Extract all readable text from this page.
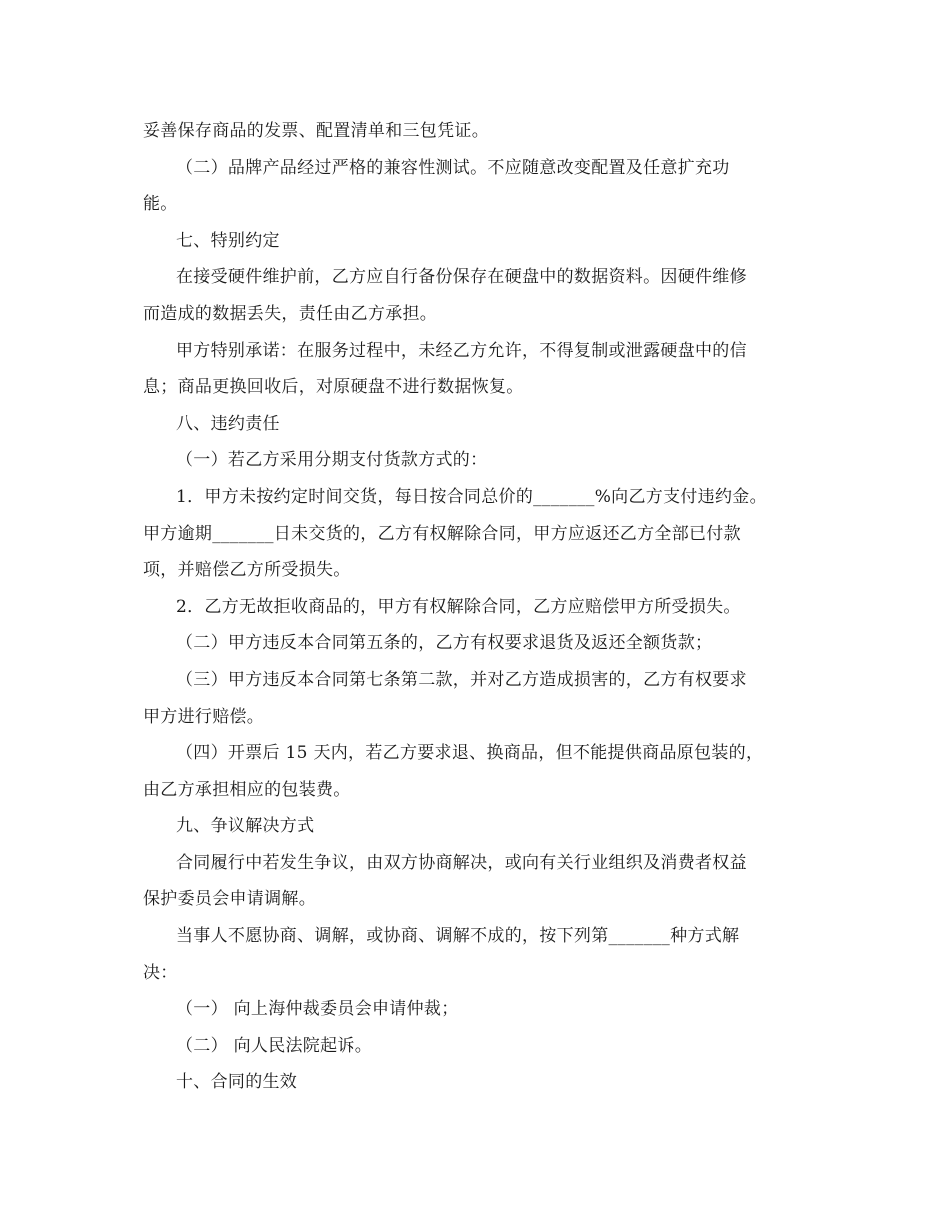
妥善保存商品的发票、配置清单和三包凭证。
（二）品牌产品经过严格的兼容性测试。不应随意改变配置及任意扩充功
能。
七、特别约定
在接受硬件维护前，乙方应自行备份保存在硬盘中的数据资料。因硬件维修
而造成的数据丢失，责任由乙方承担。
甲方特别承诺：在服务过程中，未经乙方允许，不得复制或泄露硬盘中的信
息；商品更换回收后，对原硬盘不进行数据恢复。
八、违约责任
（一）若乙方采用分期支付货款方式的：
1．甲方未按约定时间交货，每日按合同总价的_______%向乙方支付违约金。
甲方逾期_______日未交货的，乙方有权解除合同，甲方应返还乙方全部已付款
项，并赔偿乙方所受损失。
2．乙方无故拒收商品的，甲方有权解除合同，乙方应赔偿甲方所受损失。
（二）甲方违反本合同第五条的，乙方有权要求退货及返还全额货款；
（三）甲方违反本合同第七条第二款，并对乙方造成损害的，乙方有权要求
甲方进行赔偿。
（四）开票后 15 天内，若乙方要求退、换商品，但不能提供商品原包装的，
由乙方承担相应的包装费。
九、争议解决方式
合同履行中若发生争议，由双方协商解决，或向有关行业组织及消费者权益
保护委员会申请调解。
当事人不愿协商、调解，或协商、调解不成的，按下列第_______种方式解
决：
（一） 向上海仲裁委员会申请仲裁；
（二） 向人民法院起诉。
十、合同的生效
